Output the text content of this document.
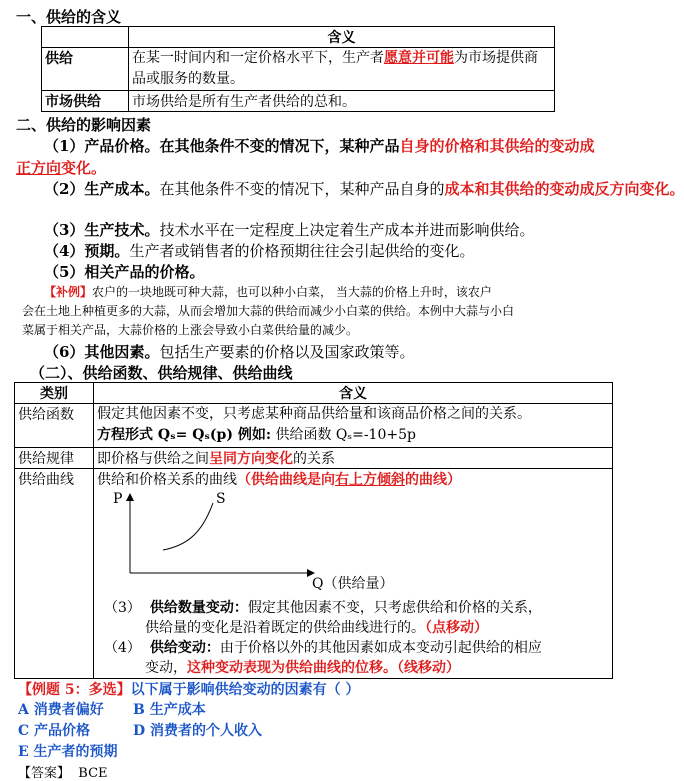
一、供给的含义
	含义
供给	在某一时间内和一定价格水平下，生产者愿意并可能为市场提供商品或服务的数量。
市场供给	市场供给是所有生产者供给的总和。
二、供给的影响因素
（1）产品价格。在其他条件不变的情况下，某种产品自身的价格和其供给的变动成
正方向变化。
（2）生产成本。在其他条件不变的情况下，某种产品自身的成本和其供给的变动成反方向变化。
（3）生产技术。技术水平在一定程度上决定着生产成本并进而影响供给。
（4）预期。生产者或销售者的价格预期往往会引起供给的变化。
（5）相关产品的价格。
【补例】农户的一块地既可种大蒜，也可以种小白菜， 当大蒜的价格上升时，该农户
会在土地上种植更多的大蒜，从而会增加大蒜的供给而减少小白菜的供给。本例中大蒜与小白
菜属于相关产品，大蒜价格的上涨会导致小白菜供给量的减少。
（6）其他因素。包括生产要素的价格以及国家政策等。
（二）、供给函数、供给规律、供给曲线
类别	含义
供给函数	假定其他因素不变，只考虑某种商品供给量和该商品价格之间的关系。
方程形式 Qₛ= Qₛ(p) 例如: 供给函数 Qₛ=-10+5p

供给规律	即价格与供给之间呈同方向变化的关系
供给曲线	供给和价格关系的曲线（供给曲线是向右上方倾斜的曲线）
P	S
Q（供给量）
（3） 供给数量变动：假定其他因素不变，只考虑供给和价格的关系，
供给量的变化是沿着既定的供给曲线进行的。（点移动）
（4） 供给变动：由于价格以外的其他因素如成本变动引起供给的相应
变动，这种变动表现为供给曲线的位移。（线移动）
【例题 5：多选】以下属于影响供给变动的因素有（ ）
A 消费者偏好 B 生产成本
C 产品价格	D 消费者的个人收入
E 生产者的预期
【答案】 BCE
